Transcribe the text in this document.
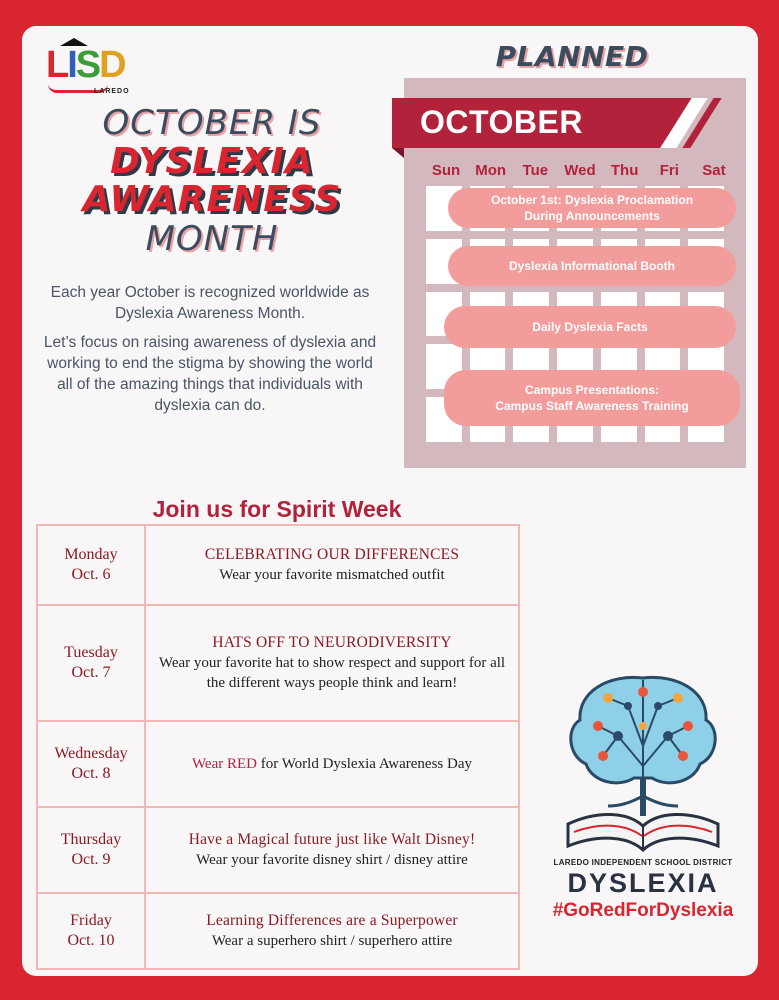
LISD
LAREDO
OCTOBER IS
DYSLEXIA
AWARENESS
MONTH

Each year October is recognized worldwide as Dyslexia Awareness Month.

Let’s focus on raising awareness of dyslexia and working to end the stigma by showing the world all of the amazing things that individuals with dyslexia can do.

PLANNED
OCTOBER
Sun	Mon	Tue	Wed	Thu	Fri	Sat
October 1st: Dyslexia Proclamation
During Announcements
Dyslexia Informational Booth
Daily Dyslexia Facts
Campus Presentations:
Campus Staff Awareness Training
Join us for Spirit Week
Monday
Oct. 6	CELEBRATING OUR DIFFERENCES
Wear your favorite mismatched outfit
Tuesday
Oct. 7	HATS OFF TO NEURODIVERSITY
Wear your favorite hat to show respect and support for all the different ways people think and learn!
Wednesday
Oct. 8	Wear RED for World Dyslexia Awareness Day
Thursday
Oct. 9	Have a Magical future just like Walt Disney!
Wear your favorite disney shirt / disney attire
Friday
Oct. 10	Learning Differences are a Superpower
Wear a superhero shirt / superhero attire
LAREDO INDEPENDENT SCHOOL DISTRICT
DYSLEXIA
#GoRedForDyslexia
